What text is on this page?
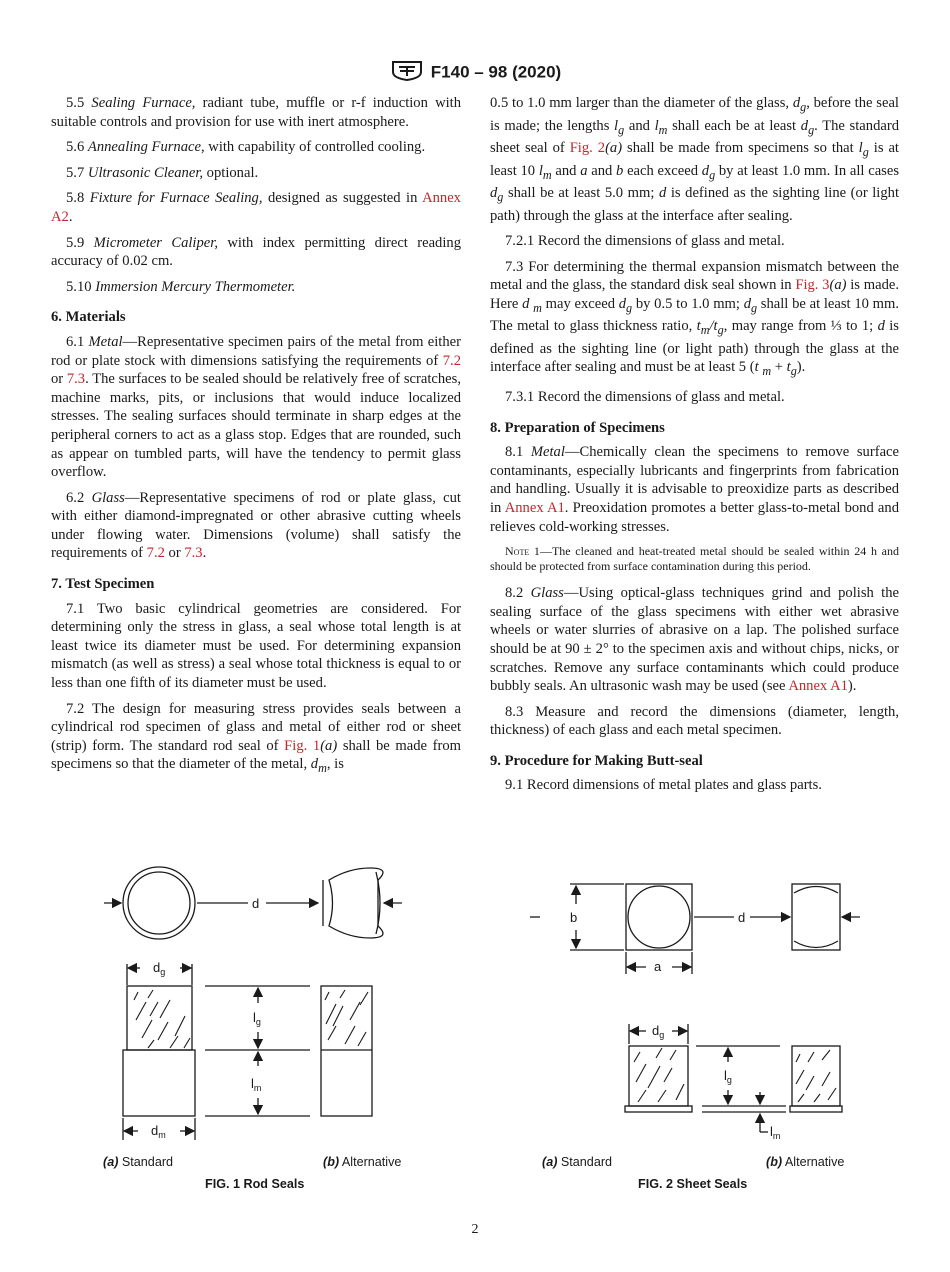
F140 – 98 (2020)

5.5 Sealing Furnace, radiant tube, muffle or r-f induction with suitable controls and provision for use with inert atmosphere.

5.6 Annealing Furnace, with capability of controlled cooling.

5.7 Ultrasonic Cleaner, optional.

5.8 Fixture for Furnace Sealing, designed as suggested in Annex A2.

5.9 Micrometer Caliper, with index permitting direct reading accuracy of 0.02 cm.

5.10 Immersion Mercury Thermometer.

6. Materials

6.1 Metal—Representative specimen pairs of the metal from either rod or plate stock with dimensions satisfying the requirements of 7.2 or 7.3. The surfaces to be sealed should be relatively free of scratches, machine marks, pits, or inclusions that would induce localized stresses. The sealing surfaces should terminate in sharp edges at the peripheral corners to act as a glass stop. Edges that are rounded, such as appear on tumbled parts, will have the tendency to permit glass overflow.

6.2 Glass—Representative specimens of rod or plate glass, cut with either diamond-impregnated or other abrasive cutting wheels under flowing water. Dimensions (volume) shall satisfy the requirements of 7.2 or 7.3.

7. Test Specimen

7.1 Two basic cylindrical geometries are considered. For determining only the stress in glass, a seal whose total length is at least twice its diameter must be used. For determining expansion mismatch (as well as stress) a seal whose total thickness is equal to or less than one fifth of its diameter must be used.

7.2 The design for measuring stress provides seals between a cylindrical rod specimen of glass and metal of either rod or sheet (strip) form. The standard rod seal of Fig. 1(a) shall be made from specimens so that the diameter of the metal, $d_m$, is

0.5 to 1.0 mm larger than the diameter of the glass, $d_g$, before the seal is made; the lengths $l_g$ and $l_m$ shall each be at least $d_g$. The standard sheet seal of Fig. 2(a) shall be made from specimens so that $l_g$ is at least 10 $l_m$ and a and b each exceed $d_g$ by at least 1.0 mm. In all cases $d_g$ shall be at least 5.0 mm; d is defined as the sighting line (or light path) through the glass at the interface after sealing.

7.2.1 Record the dimensions of glass and metal.

7.3 For determining the thermal expansion mismatch between the metal and the glass, the standard disk seal shown in Fig. 3(a) is made. Here d $_m$ may exceed $d_g$ by 0.5 to 1.0 mm; $d_g$ shall be at least 10 mm. The metal to glass thickness ratio, $t_m/t_g$, may range from ⅓ to 1; d is defined as the sighting line (or light path) through the glass at the interface after sealing and must be at least 5 (t $_m + t_g$).

7.3.1 Record the dimensions of glass and metal.

8. Preparation of Specimens

8.1 Metal—Chemically clean the specimens to remove surface contaminants, especially lubricants and fingerprints from fabrication and handling. Usually it is advisable to preoxidize parts as described in Annex A1. Preoxidation promotes a better glass-to-metal bond and relieves cold-working stresses.

Note 1—The cleaned and heat-treated metal should be sealed within 24 h and should be protected from surface contamination during this period.

8.2 Glass—Using optical-glass techniques grind and polish the sealing surface of the glass specimens with either wet abrasive wheels or water slurries of abrasive on a lap. The polished surface should be at 90 ± 2° to the specimen axis and without chips, nicks, or scratches. Remove any surface contaminants which could produce bubbly seals. An ultrasonic wash may be used (see Annex A1).

8.3 Measure and record the dimensions (diameter, length, thickness) of each glass and each metal specimen.

9. Procedure for Making Butt-seal

9.1 Record dimensions of metal plates and glass parts.

d
$d_g$
$l_g$
$l_m$
$d_m$
b	d
a
$d_g$
$l_g$
$l_m$
(a) Standard	(b) Alternative
FIG. 1 Rod Seals
(a) Standard	(b) Alternative
FIG. 2 Sheet Seals
2
